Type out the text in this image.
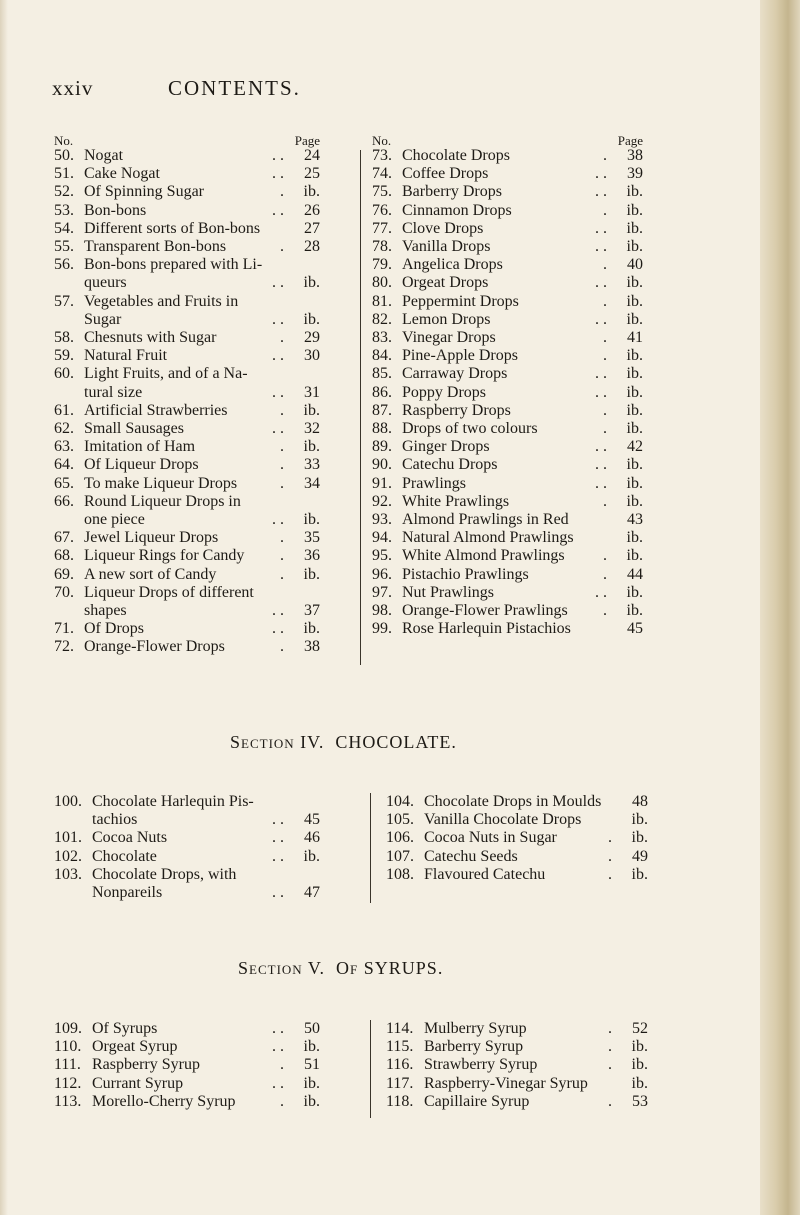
xxiv	CONTENTS.
No.	Page	No.	Page
50. Nogat	. . 24
51. Cake Nogat	. . 25
52. Of Spinning Sugar	. ib.
53. Bon-bons	. . 26
54. Different sorts of Bon-bons	27
55. Transparent Bon-bons	. 28
56. Bon-bons prepared with Li-
queurs	. . ib.
57. Vegetables and Fruits in
Sugar	. . ib.
58. Chesnuts with Sugar	. 29
59. Natural Fruit	. . 30
60. Light Fruits, and of a Na-
tural size	. . 31
61. Artificial Strawberries	. ib.
62. Small Sausages	. . 32
63. Imitation of Ham	. ib.
64. Of Liqueur Drops	. 33
65. To make Liqueur Drops	. 34
66. Round Liqueur Drops in
one piece	. . ib.
67. Jewel Liqueur Drops	. 35
68. Liqueur Rings for Candy . 36
69. A new sort of Candy	. ib.
70. Liqueur Drops of different
shapes	. . 37
71. Of Drops	. . ib.
72. Orange-Flower Drops	. 38
73. Chocolate Drops	. 38
74. Coffee Drops	. . 39
75. Barberry Drops	. . ib.
76. Cinnamon Drops	. ib.
77. Clove Drops	. . ib.
78. Vanilla Drops	. . ib.
79. Angelica Drops	. 40
80. Orgeat Drops	. . ib.
81. Peppermint Drops	. ib.
82. Lemon Drops	. . ib.
83. Vinegar Drops	. 41
84. Pine-Apple Drops	. ib.
85. Carraway Drops	. . ib.
86. Poppy Drops	. . ib.
87. Raspberry Drops	. ib.
88. Drops of two colours	. ib.
89. Ginger Drops	. . 42
90. Catechu Drops	. . ib.
91. Prawlings	. . ib.
92. White Prawlings	. ib.
93. Almond Prawlings in Red	43
94. Natural Almond Prawlings	ib.
95. White Almond Prawlings . ib.
96. Pistachio Prawlings	. 44
97. Nut Prawlings	. . ib.
98. Orange-Flower Prawlings . ib.
99. Rose Harlequin Pistachios	45
Section IV. CHOCOLATE.
100. Chocolate Harlequin Pis-
tachios	. . 45
101. Cocoa Nuts	. . 46
102. Chocolate	. . ib.
103. Chocolate Drops, with
Nonpareils	. . 47
104. Chocolate Drops in Moulds	48
105. Vanilla Chocolate Drops	ib.
106. Cocoa Nuts in Sugar	. ib.
107. Catechu Seeds	. 49
108. Flavoured Catechu	. ib.
Section V. Of SYRUPS.
109. Of Syrups	. . 50
110. Orgeat Syrup	. . ib.
111. Raspberry Syrup	. 51
112. Currant Syrup	. . ib.
113. Morello-Cherry Syrup	. ib.
114. Mulberry Syrup	. 52
115. Barberry Syrup	. ib.
116. Strawberry Syrup	. ib.
117. Raspberry-Vinegar Syrup	ib.
118. Capillaire Syrup	. 53
